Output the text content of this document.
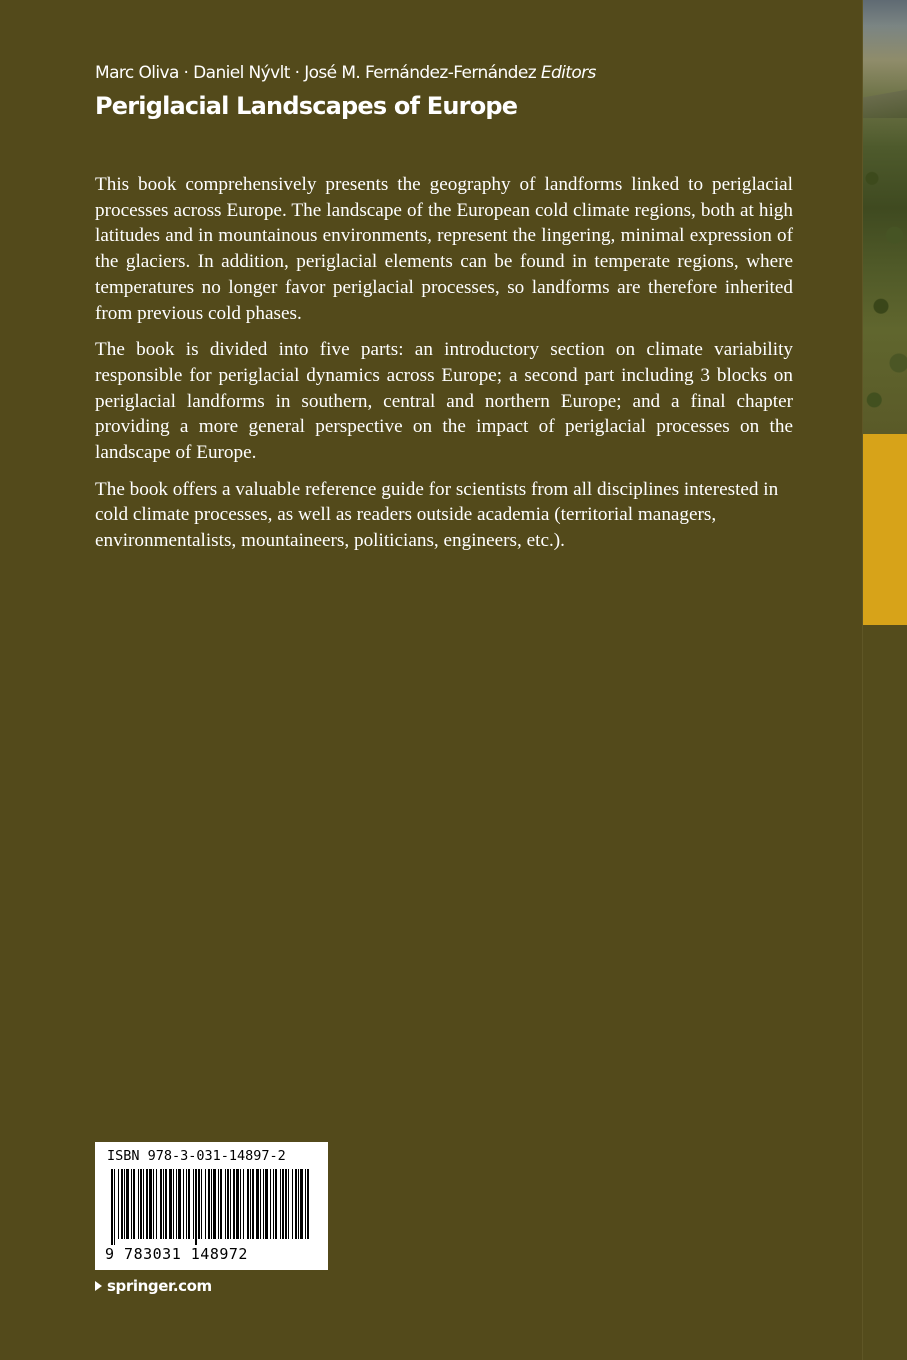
Marc Oliva · Daniel Nývlt · José M. Fernández-Fernández Editors
Periglacial Landscapes of Europe

This book comprehensively presents the geography of landforms linked to periglacial processes across Europe. The landscape of the European cold climate regions, both at high latitudes and in mountainous environments, represent the lingering, minimal expression of the glaciers. In addition, periglacial elements can be found in temperate regions, where temperatures no longer favor periglacial processes, so landforms are therefore inherited from previous cold phases.

The book is divided into five parts: an introductory section on climate variability responsible for periglacial dynamics across Europe; a second part including 3 blocks on periglacial landforms in southern, central and northern Europe; and a final chapter providing a more general perspective on the impact of periglacial processes on the landscape of Europe.

The book offers a valuable reference guide for scientists from all disciplines interested in cold climate processes, as well as readers outside academia (territorial managers, environmentalists, mountaineers, politicians, engineers, etc.).

ISBN 978-3-031-14897-2
9 783031 148972
springer.com
